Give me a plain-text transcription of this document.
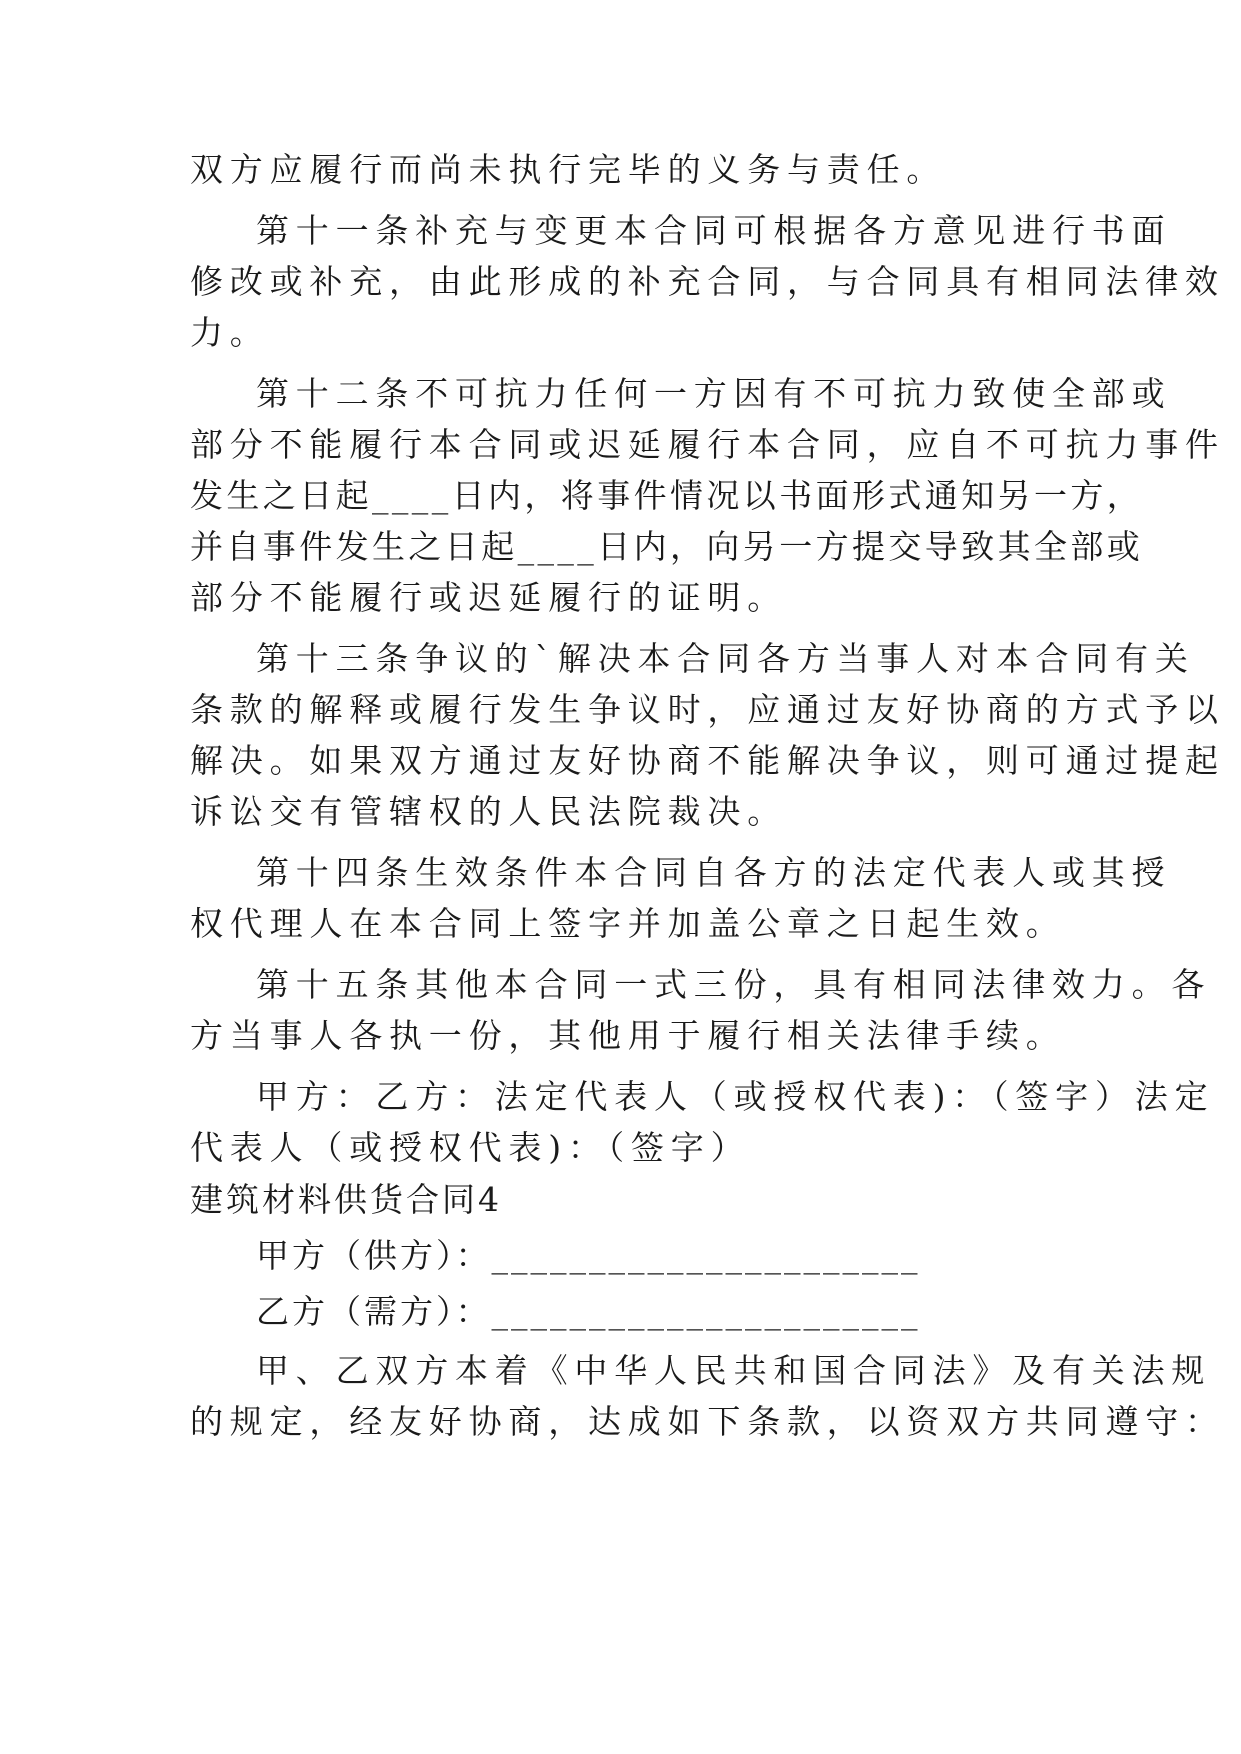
双方应履行而尚未执行完毕的义务与责任。
第十一条补充与变更本合同可根据各方意见进行书面
修改或补充，由此形成的补充合同，与合同具有相同法律效
力。
第十二条不可抗力任何一方因有不可抗力致使全部或
部分不能履行本合同或迟延履行本合同，应自不可抗力事件
发生之日起____日内，将事件情况以书面形式通知另一方，
并自事件发生之日起____日内，向另一方提交导致其全部或
部分不能履行或迟延履行的证明。
第十三条争议的`解决本合同各方当事人对本合同有关
条款的解释或履行发生争议时，应通过友好协商的方式予以
解决。如果双方通过友好协商不能解决争议，则可通过提起
诉讼交有管辖权的人民法院裁决。
第十四条生效条件本合同自各方的法定代表人或其授
权代理人在本合同上签字并加盖公章之日起生效。
第十五条其他本合同一式三份，具有相同法律效力。各
方当事人各执一份，其他用于履行相关法律手续。
甲方：乙方：法定代表人（或授权代表)：（签字）法定
代表人（或授权代表)：（签字）
建筑材料供货合同4
甲方（供方）：______________________
乙方（需方）：______________________
甲、乙双方本着《中华人民共和国合同法》及有关法规
的规定，经友好协商，达成如下条款，以资双方共同遵守：
